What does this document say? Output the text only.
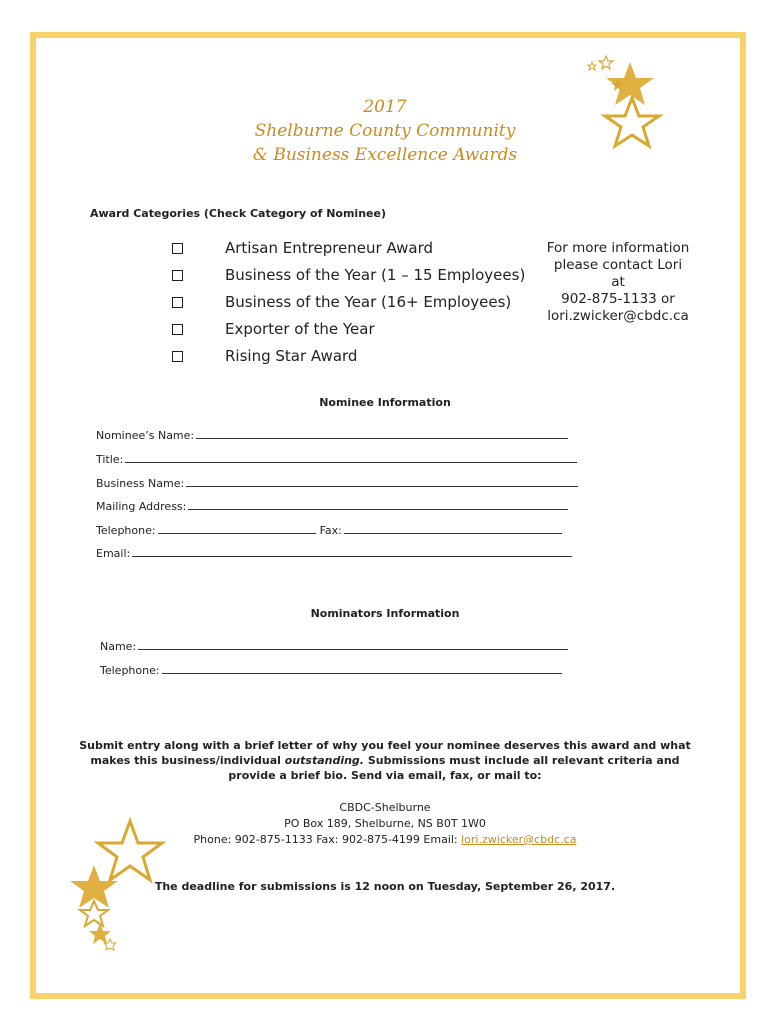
2017
Shelburne County Community
& Business Excellence Awards
Award Categories (Check Category of Nominee)
Artisan Entrepreneur Award
Business of the Year (1 – 15 Employees)
Business of the Year (16+ Employees)
Exporter of the Year
Rising Star Award
For more information
please contact Lori
at
902-875-1133 or
lori.zwicker@cbdc.ca
Nominee Information
Nominee’s Name:
Title:
Business Name:
Mailing Address:
Telephone:	Fax:
Email:
Nominators Information
Name:
Telephone:
Submit entry along with a brief letter of why you feel your nominee deserves this award and what
makes this business/individual outstanding. Submissions must include all relevant criteria and
provide a brief bio. Send via email, fax, or mail to:
CBDC-Shelburne
PO Box 189, Shelburne, NS B0T 1W0
Phone: 902-875-1133 Fax: 902-875-4199 Email: lori.zwicker@cbdc.ca
The deadline for submissions is 12 noon on Tuesday, September 26, 2017.
